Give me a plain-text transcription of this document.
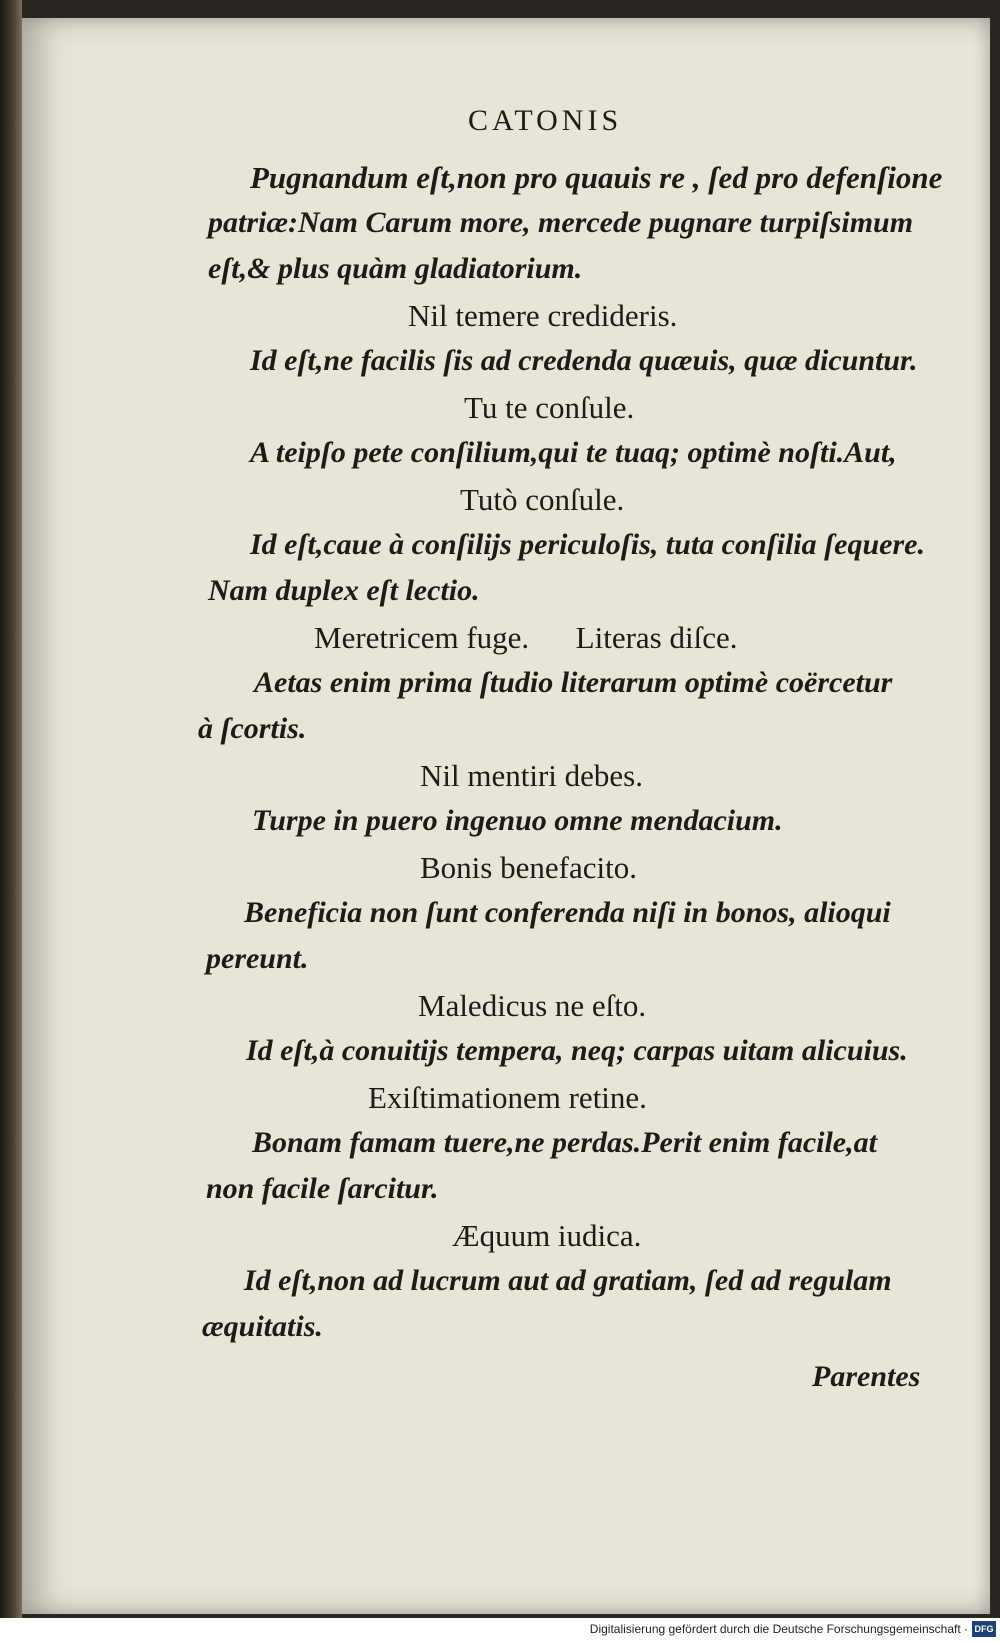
CATONIS
Pugnandum eſt,non pro quauis re , ſed pro defenſione
patriæ:Nam Carum more, mercede pugnare turpiſsimum
eſt,& plus quàm gladiatorium.
Nil temere credideris.
Id eſt,ne facilis ſis ad credenda quæuis, quæ dicuntur.
Tu te conſule.
A teipſo pete conſilium,qui te tuaq; optimè noſti.Aut,
Tutò conſule.
Id eſt,caue à conſilijs periculoſis, tuta conſilia ſequere.
Nam duplex eſt lectio.
Meretricem fuge.      Literas diſce.
Aetas enim prima ſtudio literarum optimè coërcetur
à ſcortis.
Nil mentiri debes.
Turpe in puero ingenuo omne mendacium.
Bonis benefacito.
Beneficia non ſunt conferenda niſi in bonos, alioqui
pereunt.
Maledicus ne eſto.
Id eſt,à conuitijs tempera, neq; carpas uitam alicuius.
Exiſtimationem retine.
Bonam famam tuere,ne perdas.Perit enim facile,at
non facile ſarcitur.
Æquum iudica.
Id eſt,non ad lucrum aut ad gratiam, ſed ad regulam
æquitatis.
Parentes
Digitalisierung gefördert durch die Deutsche Forschungsgemeinschaft · DFG
